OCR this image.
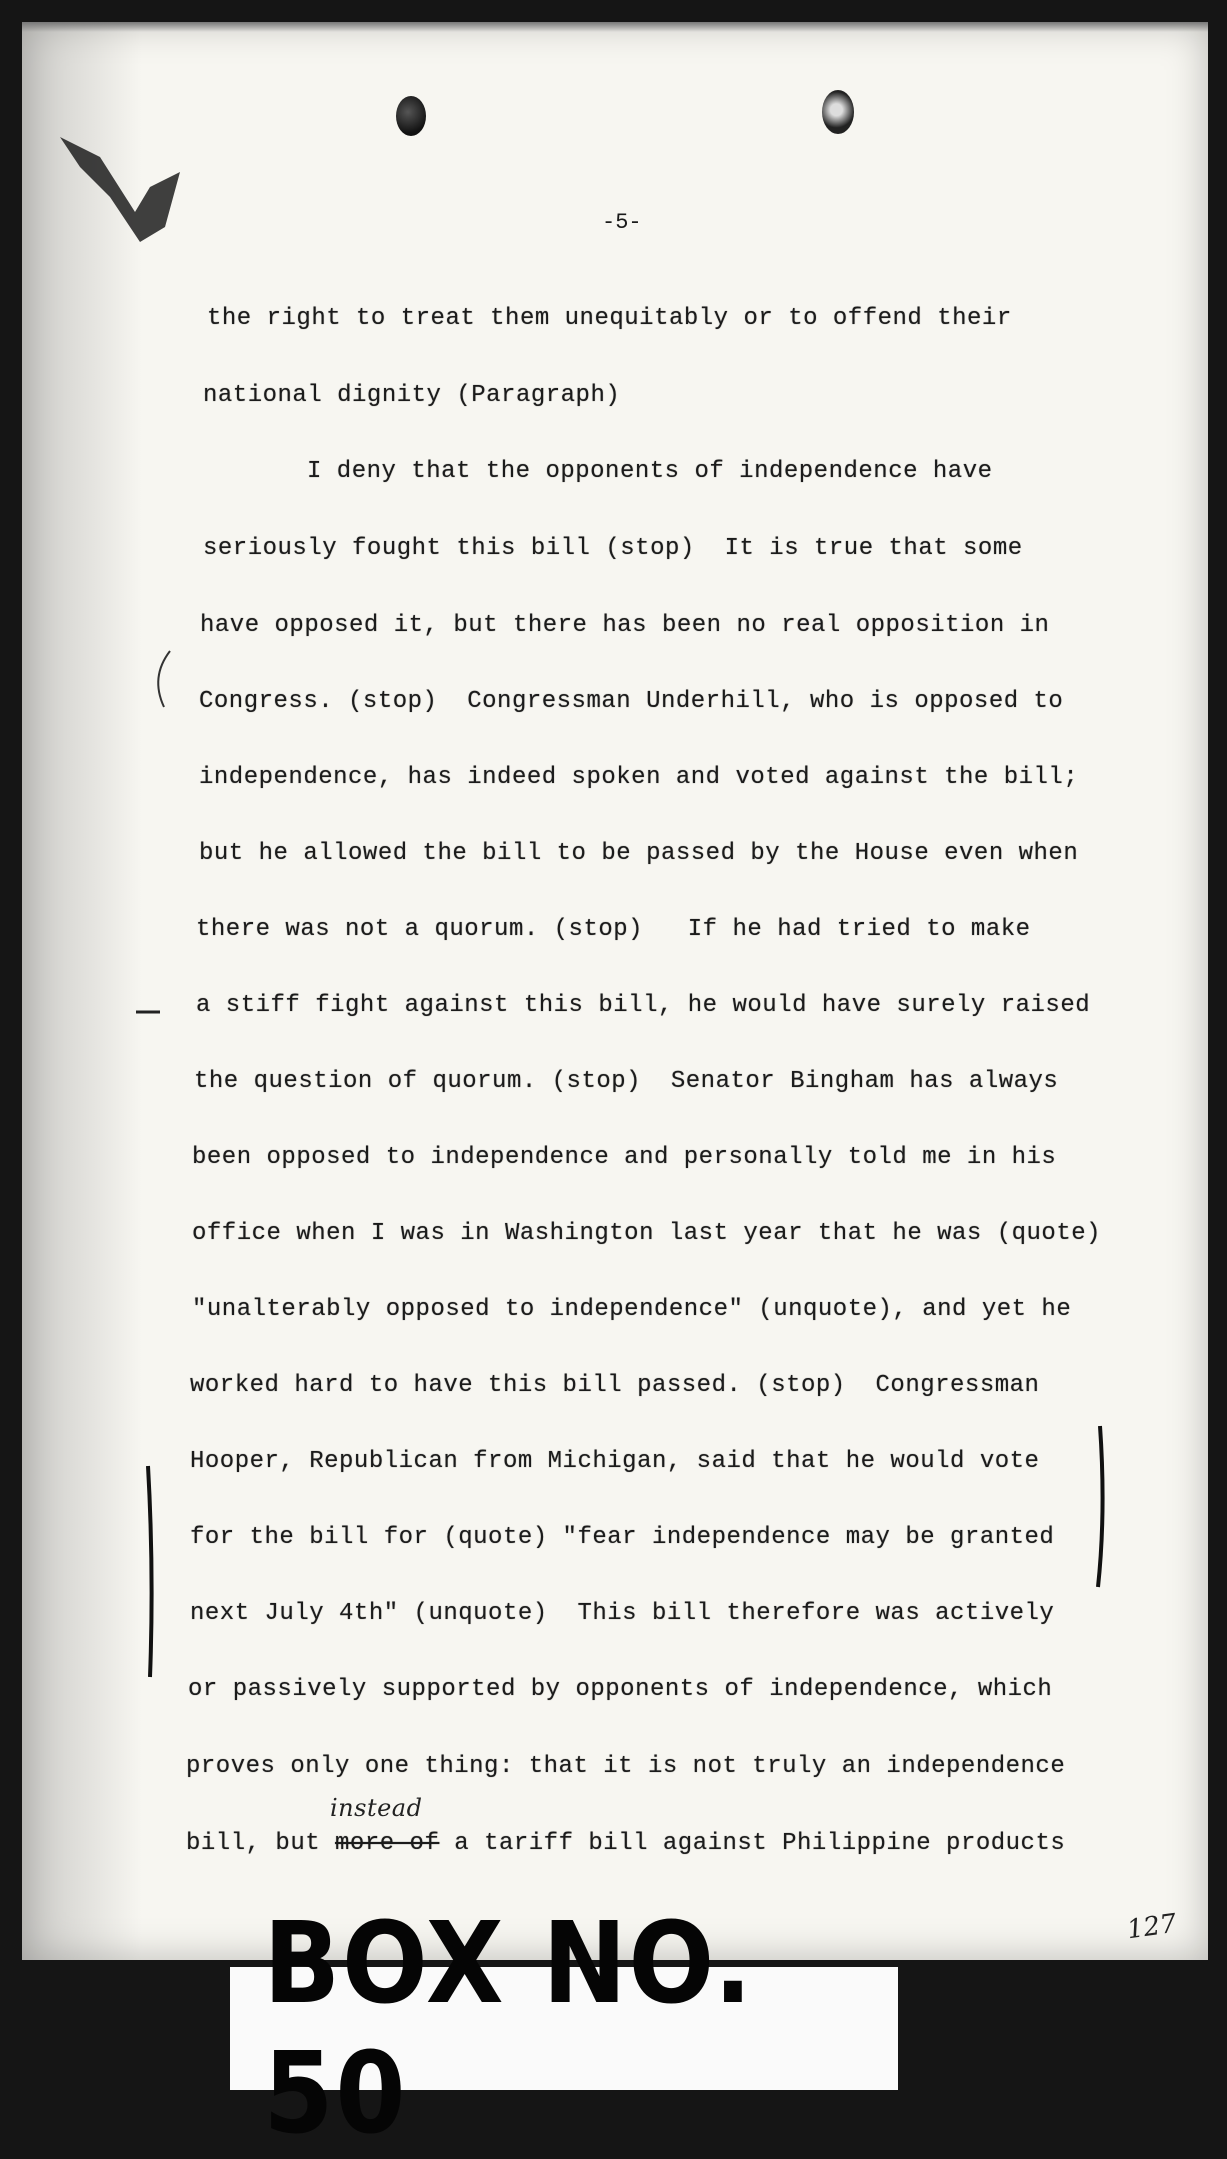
-5-
the right to treat them unequitably or to offend their
national dignity (Paragraph)
I deny that the opponents of independence have
seriously fought this bill (stop)  It is true that some
have opposed it, but there has been no real opposition in
Congress. (stop)  Congressman Underhill, who is opposed to
independence, has indeed spoken and voted against the bill;
but he allowed the bill to be passed by the House even when
there was not a quorum. (stop)   If he had tried to make
a stiff fight against this bill, he would have surely raised
the question of quorum. (stop)  Senator Bingham has always
been opposed to independence and personally told me in his
office when I was in Washington last year that he was (quote)
"unalterably opposed to independence" (unquote), and yet he
worked hard to have this bill passed. (stop)  Congressman
Hooper, Republican from Michigan, said that he would vote
for the bill for (quote) "fear independence may be granted
next July 4th" (unquote)  This bill therefore was actively
or passively supported by opponents of independence, which
proves only one thing: that it is not truly an independence
bill, but more of a tariff bill against Philippine products
instead
127
BOX NO. 50
